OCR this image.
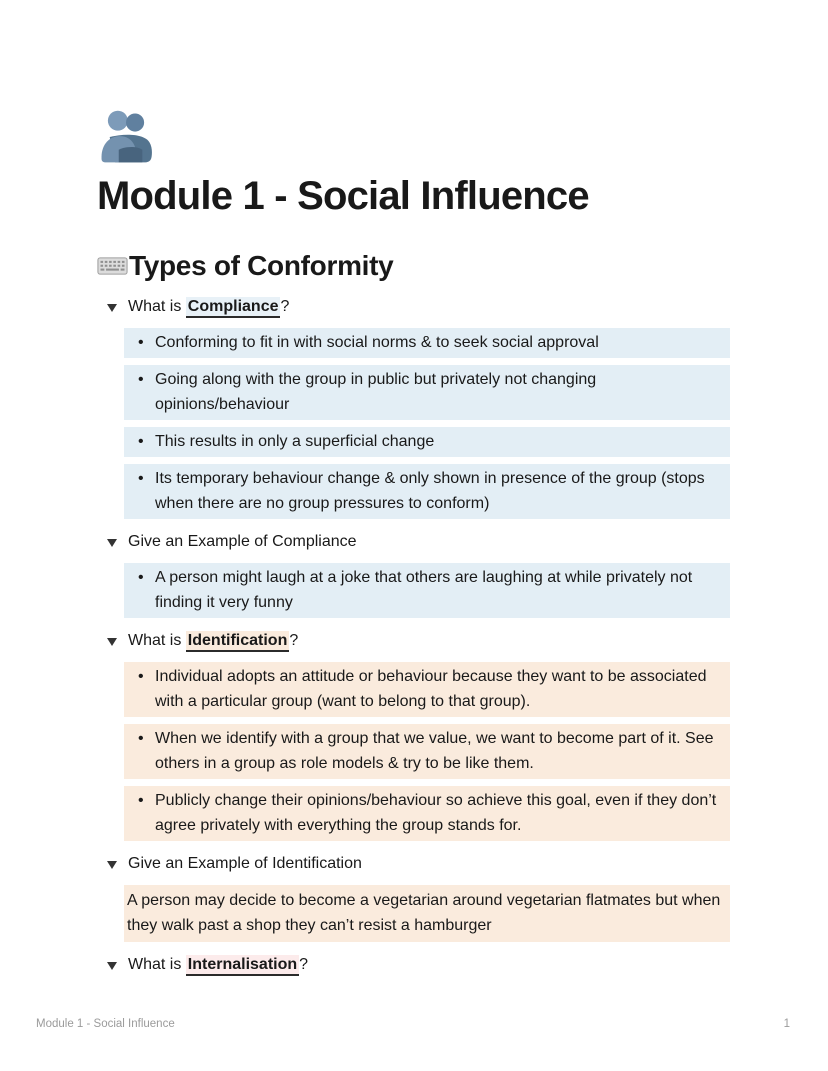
Module 1 - Social Influence
Types of Conformity
What is Compliance ?
• Conforming to fit in with social norms & to seek social approval
• Going along with the group in public but privately not changing opinions/behaviour
• This results in only a superficial change
• Its temporary behaviour change & only shown in presence of the group (stops when there are no group pressures to conform)
Give an Example of Compliance
• A person might laugh at a joke that others are laughing at while privately not finding it very funny
What is Identification ?
• Individual adopts an attitude or behaviour because they want to be associated with a particular group (want to belong to that group).
• When we identify with a group that we value, we want to become part of it. See others in a group as role models & try to be like them.
• Publicly change their opinions/behaviour so achieve this goal, even if they don’t agree privately with everything the group stands for.
Give an Example of Identification

A person may decide to become a vegetarian around vegetarian flatmates but when they walk past a shop they can’t resist a hamburger

What is Internalisation ?
Module 1 - Social Influence	1
